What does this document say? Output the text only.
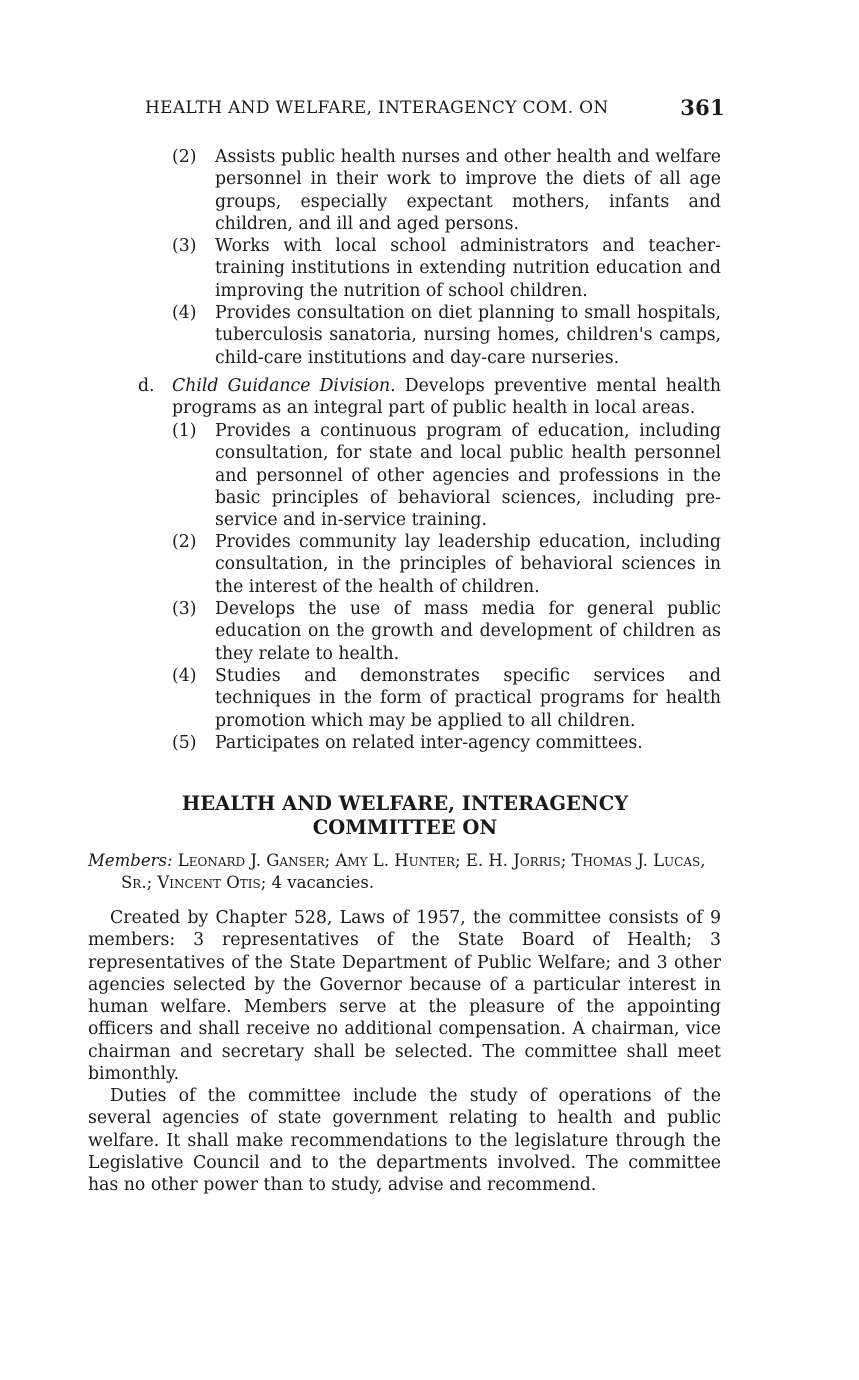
HEALTH AND WELFARE, INTERAGENCY COM. ON	361
(2) Assists public health nurses and other health and welfare personnel in their work to improve the diets of all age groups, especially expectant mothers, infants and children, and ill and aged persons.
(3) Works with local school administrators and teacher-training institutions in extending nutrition education and improving the nutrition of school children.
(4) Provides consultation on diet planning to small hospitals, tuberculosis sanatoria, nursing homes, children's camps, child-care institutions and day-care nurseries.
d. Child Guidance Division. Develops preventive mental health programs as an integral part of public health in local areas.
(1) Provides a continuous program of education, including consultation, for state and local public health personnel and personnel of other agencies and professions in the basic principles of behavioral sciences, including pre-service and in-service training.
(2) Provides community lay leadership education, including consultation, in the principles of behavioral sciences in the interest of the health of children.
(3) Develops the use of mass media for general public education on the growth and development of children as they relate to health.
(4) Studies and demonstrates specific services and techniques in the form of practical programs for health promotion which may be applied to all children.
(5) Participates on related inter-agency committees.
HEALTH AND WELFARE, INTERAGENCY
COMMITTEE ON
Members: Leonard J. Ganser; Amy L. Hunter; E. H. Jorris; Thomas J. Lucas, Sr.; Vincent Otis; 4 vacancies.
Created by Chapter 528, Laws of 1957, the committee consists of 9 members: 3 representatives of the State Board of Health; 3 representatives of the State Department of Public Welfare; and 3 other agencies selected by the Governor because of a particular interest in human welfare. Members serve at the pleasure of the appointing officers and shall receive no additional compensation. A chairman, vice chairman and secretary shall be selected. The committee shall meet bimonthly.
Duties of the committee include the study of operations of the several agencies of state government relating to health and public welfare. It shall make recommendations to the legislature through the Legislative Council and to the departments involved. The committee has no other power than to study, advise and recommend.
